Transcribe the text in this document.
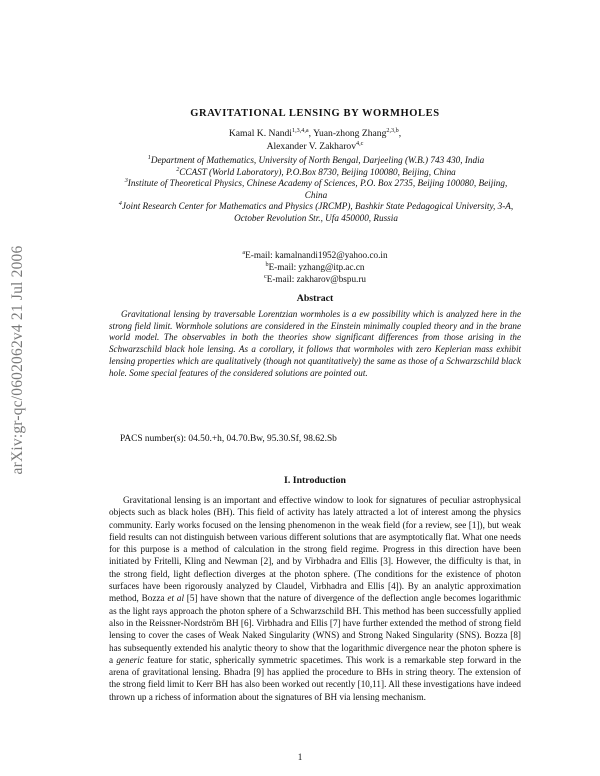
arXiv:gr-qc/0602062v4 21 Jul 2006
GRAVITATIONAL LENSING BY WORMHOLES
Kamal K. Nandi$^{1,3,4,a}$, Yuan-zhong Zhang$^{2,3,b}$,
Alexander V. Zakharov$^{4,c}$

$^1$Department of Mathematics, University of North Bengal, Darjeeling (W.B.) 743 430, India

$^2$CCAST (World Laboratory), P.O.Box 8730, Beijing 100080, Beijing, China

$^3$Institute of Theoretical Physics, Chinese Academy of Sciences, P.O. Box 2735, Beijing 100080, Beijing, China

$^4$Joint Research Center for Mathematics and Physics (JRCMP), Bashkir State Pedagogical University, 3-A, October Revolution Str., Ufa 450000, Russia

$^a$E-mail: kamalnandi1952@yahoo.co.in

$^b$E-mail: yzhang@itp.ac.cn

$^c$E-mail: zakharov@bspu.ru

Abstract

Gravitational lensing by traversable Lorentzian wormholes is a ew possibility which is analyzed here in the strong field limit. Wormhole solutions are considered in the Einstein minimally coupled theory and in the brane world model. The observables in both the theories show significant differences from those arising in the Schwarzschild black hole lensing. As a corollary, it follows that wormholes with zero Keplerian mass exhibit lensing properties which are qualitatively (though not quantitatively) the same as those of a Schwarzschild black hole. Some special features of the considered solutions are pointed out.

PACS number(s): 04.50.+h, 04.70.Bw, 95.30.Sf, 98.62.Sb
I. Introduction

Gravitational lensing is an important and effective window to look for signatures of peculiar astrophysical objects such as black holes (BH). This field of activity has lately attracted a lot of interest among the physics community. Early works focused on the lensing phenomenon in the weak field (for a review, see [1]), but weak field results can not distinguish between various different solutions that are asymptotically flat. What one needs for this purpose is a method of calculation in the strong field regime. Progress in this direction have been initiated by Fritelli, Kling and Newman [2], and by Virbhadra and Ellis [3]. However, the difficulty is that, in the strong field, light deflection diverges at the photon sphere. (The conditions for the existence of photon surfaces have been rigorously analyzed by Claudel, Virbhadra and Ellis [4]). By an analytic approximation method, Bozza et al [5] have shown that the nature of divergence of the deflection angle becomes logarithmic as the light rays approach the photon sphere of a Schwarzschild BH. This method has been successfully applied also in the Reissner-Nordström BH [6]. Virbhadra and Ellis [7] have further extended the method of strong field lensing to cover the cases of Weak Naked Singularity (WNS) and Strong Naked Singularity (SNS). Bozza [8] has subsequently extended his analytic theory to show that the logarithmic divergence near the photon sphere is a generic feature for static, spherically symmetric spacetimes. This work is a remarkable step forward in the arena of gravitational lensing. Bhadra [9] has applied the procedure to BHs in string theory. The extension of the strong field limit to Kerr BH has also been worked out recently [10,11]. All these investigations have indeed thrown up a richess of information about the signatures of BH via lensing mechanism.

1
